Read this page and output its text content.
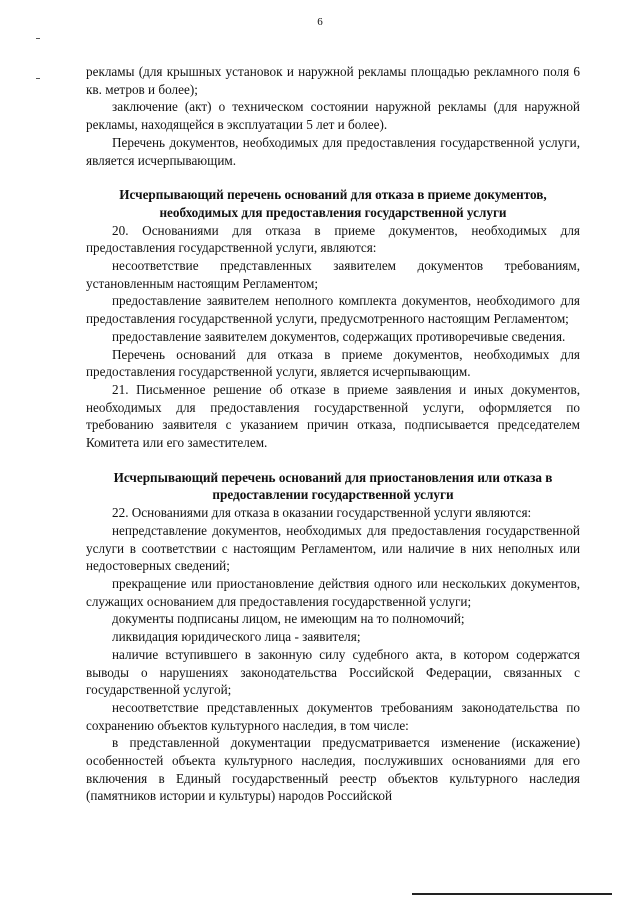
6

рекламы (для крышных установок и наружной рекламы площадью рекламного поля 6 кв. метров и более);

заключение (акт) о техническом состоянии наружной рекламы (для наружной рекламы, находящейся в эксплуатации 5 лет и более).

Перечень документов, необходимых для предоставления государственной услуги, является исчерпывающим.

Исчерпывающий перечень оснований для отказа в приеме документов, необходимых для предоставления государственной услуги

20. Основаниями для отказа в приеме документов, необходимых для предоставления государственной услуги, являются:

несоответствие представленных заявителем документов требованиям, установленным настоящим Регламентом;

предоставление заявителем неполного комплекта документов, необходимого для предоставления государственной услуги, предусмотренного настоящим Регламентом;

предоставление заявителем документов, содержащих противоречивые сведения.

Перечень оснований для отказа в приеме документов, необходимых для предоставления государственной услуги, является исчерпывающим.

21. Письменное решение об отказе в приеме заявления и иных документов, необходимых для предоставления государственной услуги, оформляется по требованию заявителя с указанием причин отказа, подписывается председателем Комитета или его заместителем.

Исчерпывающий перечень оснований для приостановления или отказа в предоставлении государственной услуги

22. Основаниями для отказа в оказании государственной услуги являются:

непредставление документов, необходимых для предоставления государственной услуги в соответствии с настоящим Регламентом, или наличие в них неполных или недостоверных сведений;

прекращение или приостановление действия одного или нескольких документов, служащих основанием для предоставления государственной услуги;

документы подписаны лицом, не имеющим на то полномочий;

ликвидация юридического лица - заявителя;

наличие вступившего в законную силу судебного акта, в котором содержатся выводы о нарушениях законодательства Российской Федерации, связанных с государственной услугой;

несоответствие представленных документов требованиям законодательства по сохранению объектов культурного наследия, в том числе:

в представленной документации предусматривается изменение (искажение) особенностей объекта культурного наследия, послуживших основаниями для его включения в Единый государственный реестр объектов культурного наследия (памятников истории и культуры) народов Российской
